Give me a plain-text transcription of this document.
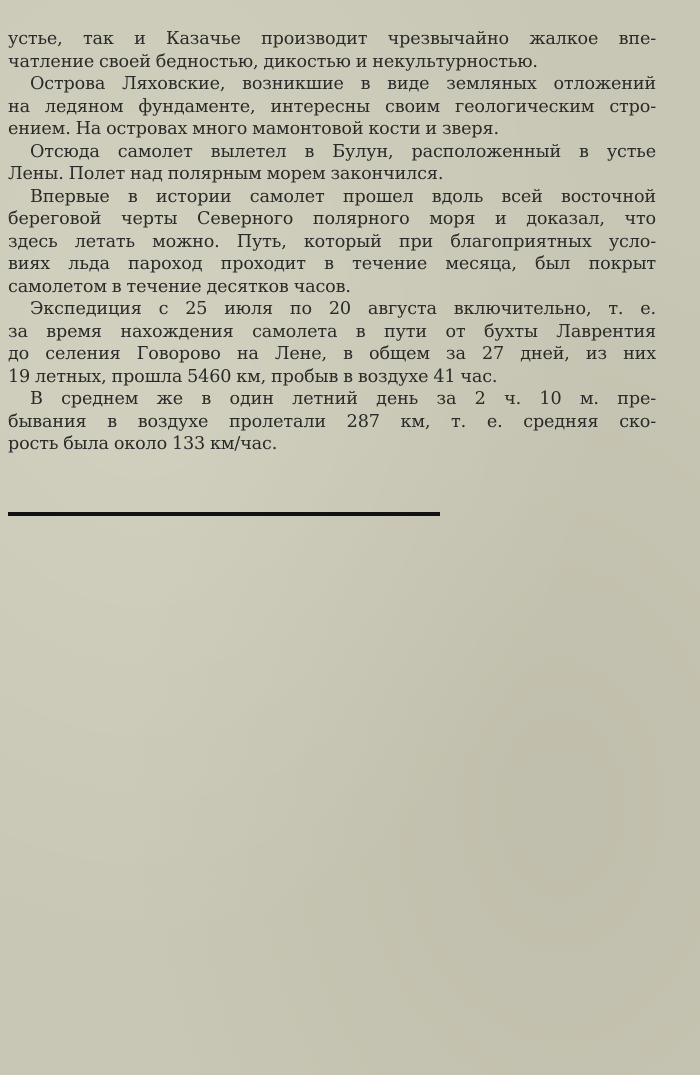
устье, так и Казачье производит чрезвычайно жалкое впе-
чатление своей бедностью, дикостью и некультурностью.
Острова Ляховские, возникшие в виде земляных отложений
на ледяном фундаменте, интересны своим геологическим стро-
ением. На островах много мамонтовой кости и зверя.
Отсюда самолет вылетел в Булун, расположенный в устье
Лены. Полет над полярным морем закончился.
Впервые в истории самолет прошел вдоль всей восточной
береговой черты Северного полярного моря и доказал, что
здесь летать можно. Путь, который при благоприятных усло-
виях льда пароход проходит в течение месяца, был покрыт
самолетом в течение десятков часов.
Экспедиция с 25 июля по 20 августа включительно, т. е.
за время нахождения самолета в пути от бухты Лаврентия
до селения Говорово на Лене, в общем за 27 дней, из них
19 летных, прошла 5460 км, пробыв в воздухе 41 час.
В среднем же в один летний день за 2 ч. 10 м. пре-
бывания в воздухе пролетали 287 км, т. е. средняя ско-
рость была около 133 км/час.
